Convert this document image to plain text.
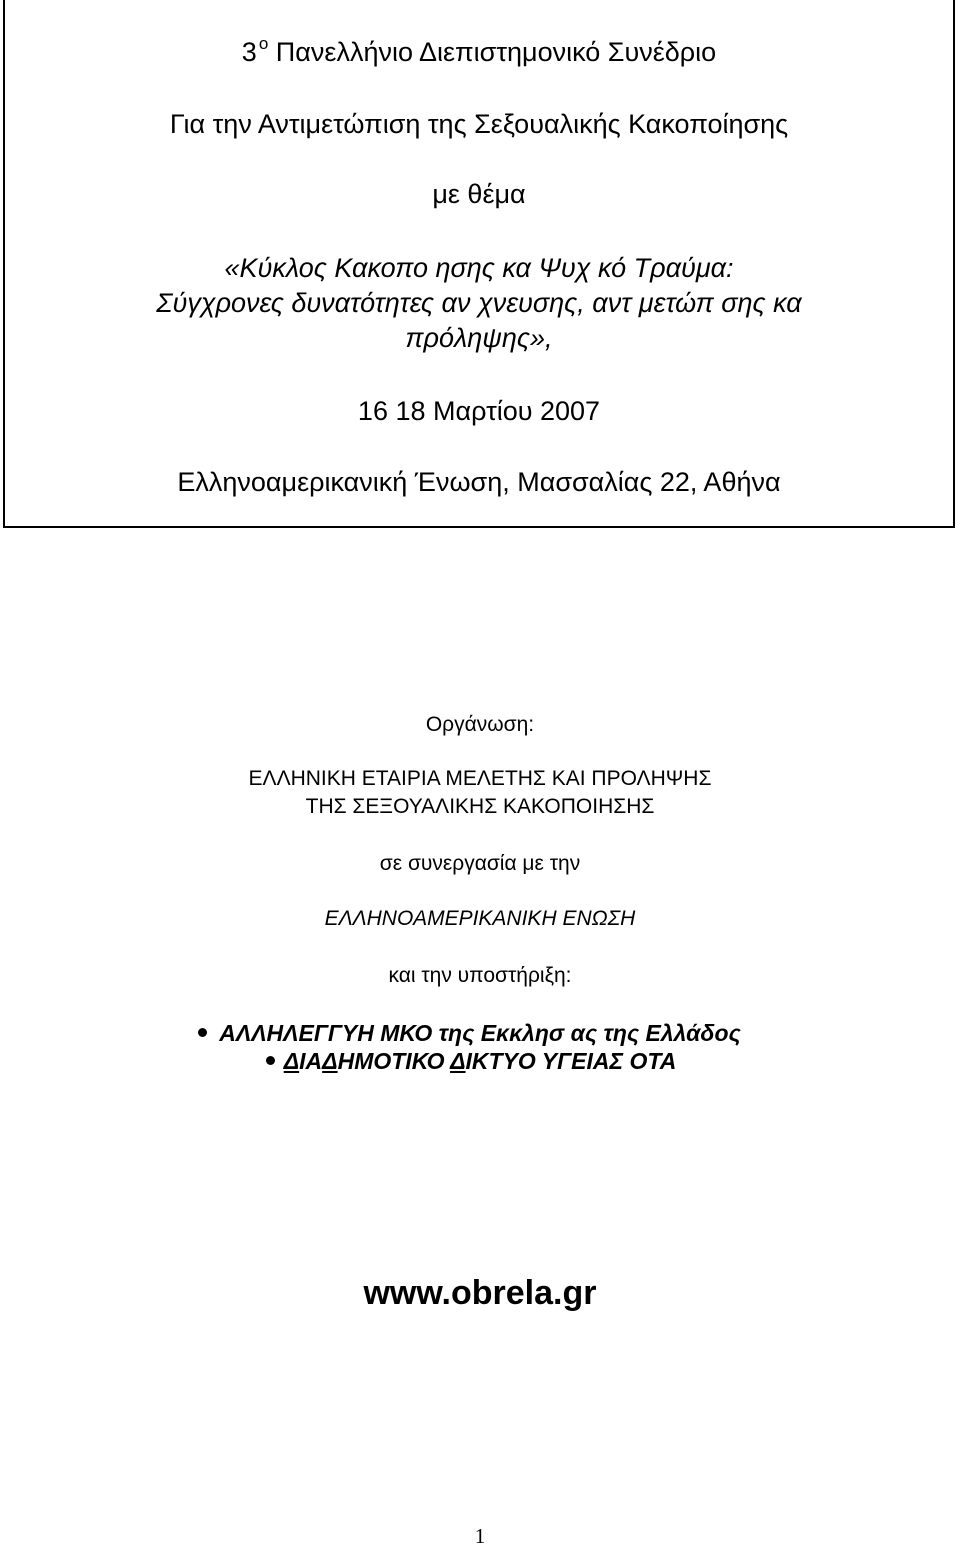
3 $^o$ Πανελλήνιο Διεπιστημονικό Συνέδριο
Για την Αντιμετώπιση της Σεξουαλικής Κακοποίησης
με θέμα
«Κύκλος Κακοπο ησης κα Ψυχ κό Τραύμα:
Σύγχρονες δυνατότητες αν χνευσης, αντ μετώπ σης κα
πρόληψης»,
16 18 Μαρτίου 2007
Ελληνοαμερικανική Ένωση, Μασσαλίας 22, Αθήνα
Οργάνωση:
ΕΛΛΗΝΙΚΗ ΕΤΑΙΡΙΑ ΜΕΛΕΤΗΣ ΚΑΙ ΠΡΟΛΗΨΗΣ
ΤΗΣ ΣΕΞΟΥΑΛΙΚΗΣ ΚΑΚΟΠΟΙΗΣΗΣ
σε συνεργασία με την
ΕΛΛΗΝΟΑΜΕΡΙΚΑΝΙΚΗ ΕΝΩΣΗ
και την υποστήριξη:
ΑΛΛΗΛΕΓΓΥΗ ΜΚΟ της Εκκλησ ας της Ελλάδος
ΔΙΑΔΗΜΟΤΙΚΟ ΔΙΚΤΥΟ ΥΓΕΙΑΣ ΟΤΑ
www.obrela.gr
1
